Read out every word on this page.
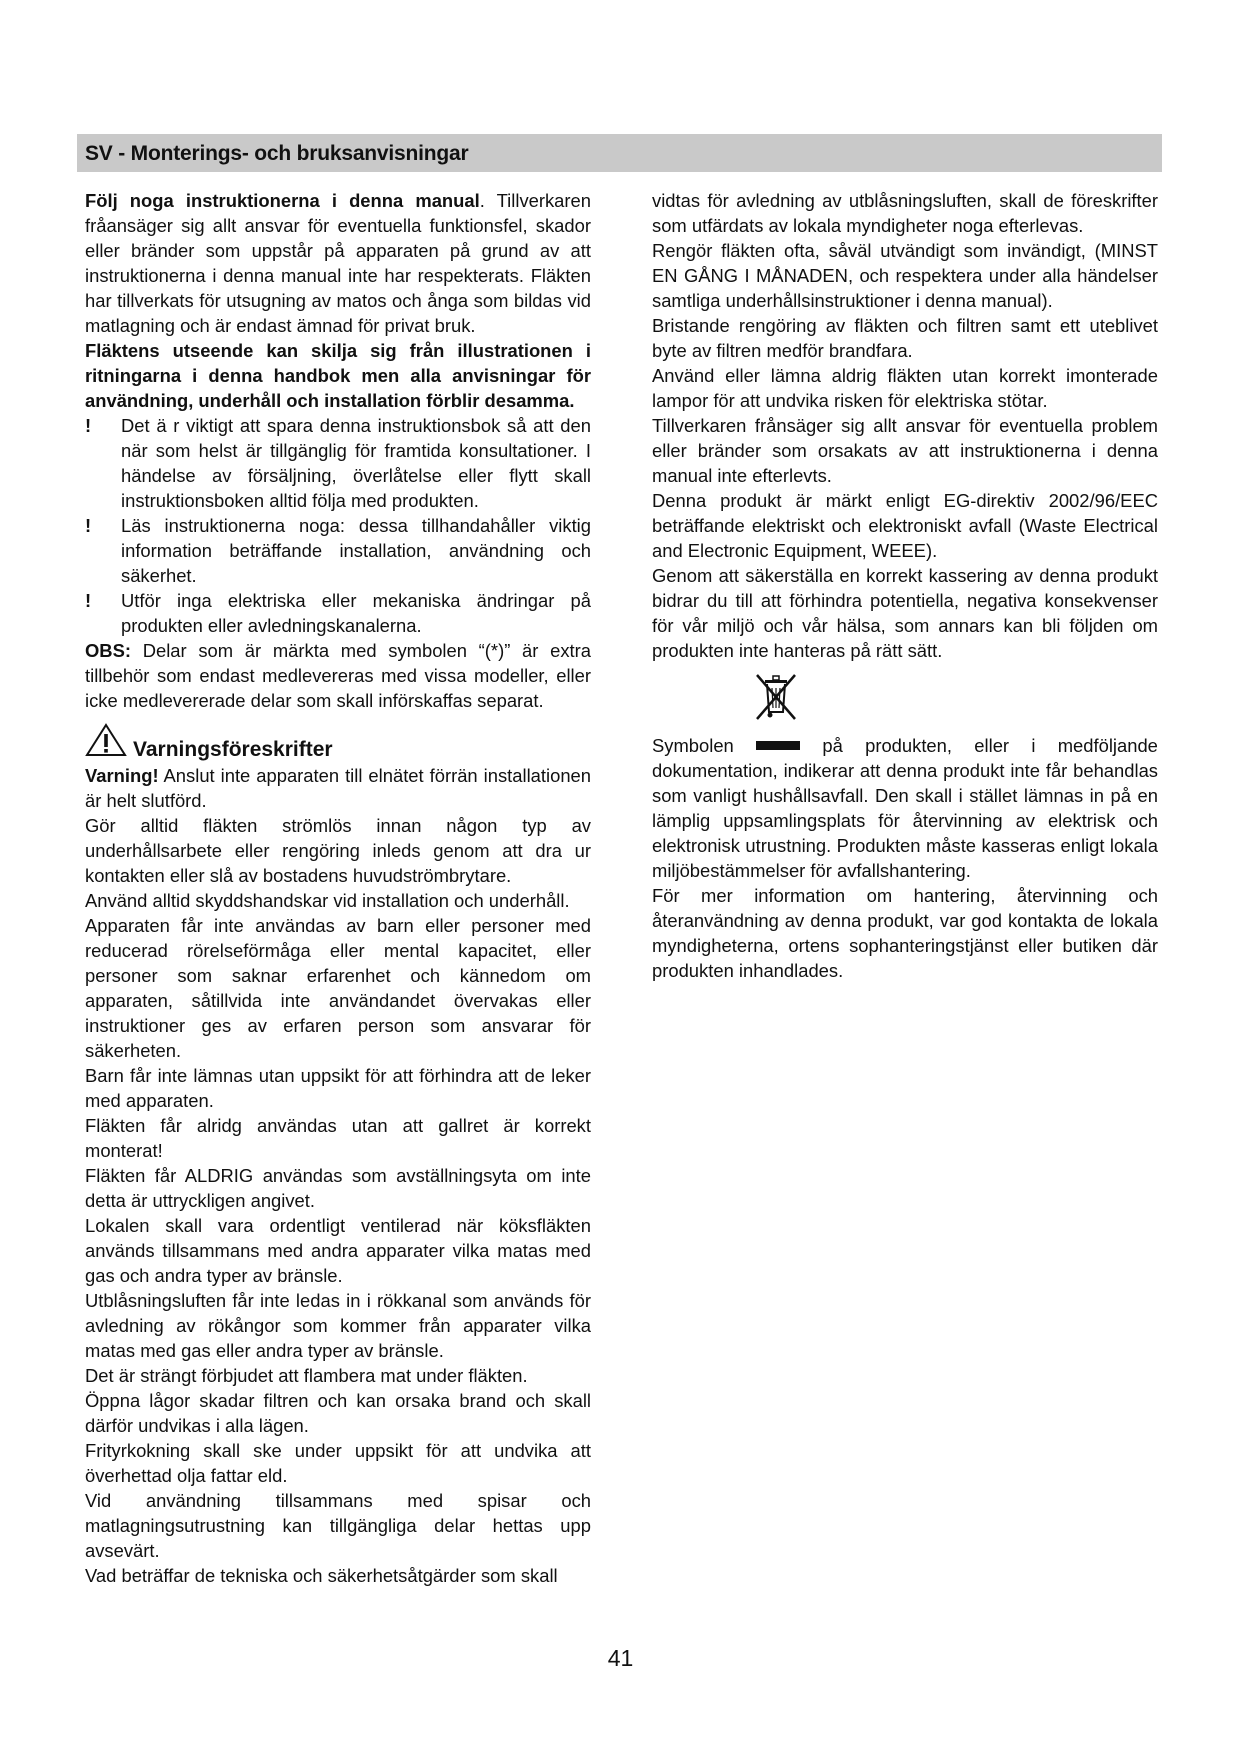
SV - Monterings- och bruksanvisningar

Följ noga instruktionerna i denna manual. Tillverkaren fråansäger sig allt ansvar för eventuella funktionsfel, skador eller bränder som uppstår på apparaten på grund av att instruktionerna i denna manual inte har respekterats. Fläkten har tillverkats för utsugning av matos och ånga som bildas vid matlagning och är endast ämnad för privat bruk.

Fläktens utseende kan skilja sig från illustrationen i ritningarna i denna handbok men alla anvisningar för användning, underhåll och installation förblir desamma.

!	Det ä r viktigt att spara denna instruktionsbok så att den när som helst är tillgänglig för framtida konsultationer. I händelse av försäljning, överlåtelse eller flytt skall instruktionsboken alltid följa med produkten.
!	Läs instruktionerna noga: dessa tillhandahåller viktig information beträffande installation, användning och säkerhet.
!	Utför inga elektriska eller mekaniska ändringar på produkten eller avledningskanalerna.

OBS: Delar som är märkta med symbolen “(*)” är extra tillbehör som endast medlevereras med vissa modeller, eller icke medlevererade delar som skall införskaffas separat.

Varningsföreskrifter

Varning! Anslut inte apparaten till elnätet förrän installationen är helt slutförd.

Gör alltid fläkten strömlös innan någon typ av underhållsarbete eller rengöring inleds genom att dra ur kontakten eller slå av bostadens huvudströmbrytare.

Använd alltid skyddshandskar vid installation och underhåll.

Apparaten får inte användas av barn eller personer med reducerad rörelseförmåga eller mental kapacitet, eller personer som saknar erfarenhet och kännedom om apparaten, såtillvida inte användandet övervakas eller instruktioner ges av erfaren person som ansvarar för säkerheten.

Barn får inte lämnas utan uppsikt för att förhindra att de leker med apparaten.

Fläkten får alridg användas utan att gallret är korrekt monterat!

Fläkten får ALDRIG användas som avställningsyta om inte detta är uttryckligen angivet.

Lokalen skall vara ordentligt ventilerad när köksfläkten används tillsammans med andra apparater vilka matas med gas och andra typer av bränsle.

Utblåsningsluften får inte ledas in i rökkanal som används för avledning av rökångor som kommer från apparater vilka matas med gas eller andra typer av bränsle.

Det är strängt förbjudet att flambera mat under fläkten.

Öppna lågor skadar filtren och kan orsaka brand och skall därför undvikas i alla lägen.

Frityrkokning skall ske under uppsikt för att undvika att överhettad olja fattar eld.

Vid användning tillsammans med spisar och matlagningsutrustning kan tillgängliga delar hettas upp avsevärt.

Vad beträffar de tekniska och säkerhetsåtgärder som skall

vidtas för avledning av utblåsningsluften, skall de föreskrifter som utfärdats av lokala myndigheter noga efterlevas.

Rengör fläkten ofta, såväl utvändigt som invändigt, (MINST EN GÅNG I MÅNADEN, och respektera under alla händelser samtliga underhållsinstruktioner i denna manual).

Bristande rengöring av fläkten och filtren samt ett uteblivet byte av filtren medför brandfara.

Använd eller lämna aldrig fläkten utan korrekt imonterade lampor för att undvika risken för elektriska stötar.

Tillverkaren frånsäger sig allt ansvar för eventuella problem eller bränder som orsakats av att instruktionerna i denna manual inte efterlevts.

Denna produkt är märkt enligt EG-direktiv 2002/96/EEC beträffande elektriskt och elektroniskt avfall (Waste Electrical and Electronic Equipment, WEEE).

Genom att säkerställa en korrekt kassering av denna produkt bidrar du till att förhindra potentiella, negativa konsekvenser för vår miljö och vår hälsa, som annars kan bli följden om produkten inte hanteras på rätt sätt.

Symbolen	på produkten, eller i medföljande

dokumentation, indikerar att denna produkt inte får behandlas som vanligt hushållsavfall. Den skall i stället lämnas in på en lämplig uppsamlingsplats för återvinning av elektrisk och elektronisk utrustning. Produkten måste kasseras enligt lokala miljöbestämmelser för avfallshantering.

För mer information om hantering, återvinning och återanvändning av denna produkt, var god kontakta de lokala myndigheterna, ortens sophanteringstjänst eller butiken där produkten inhandlades.

41
